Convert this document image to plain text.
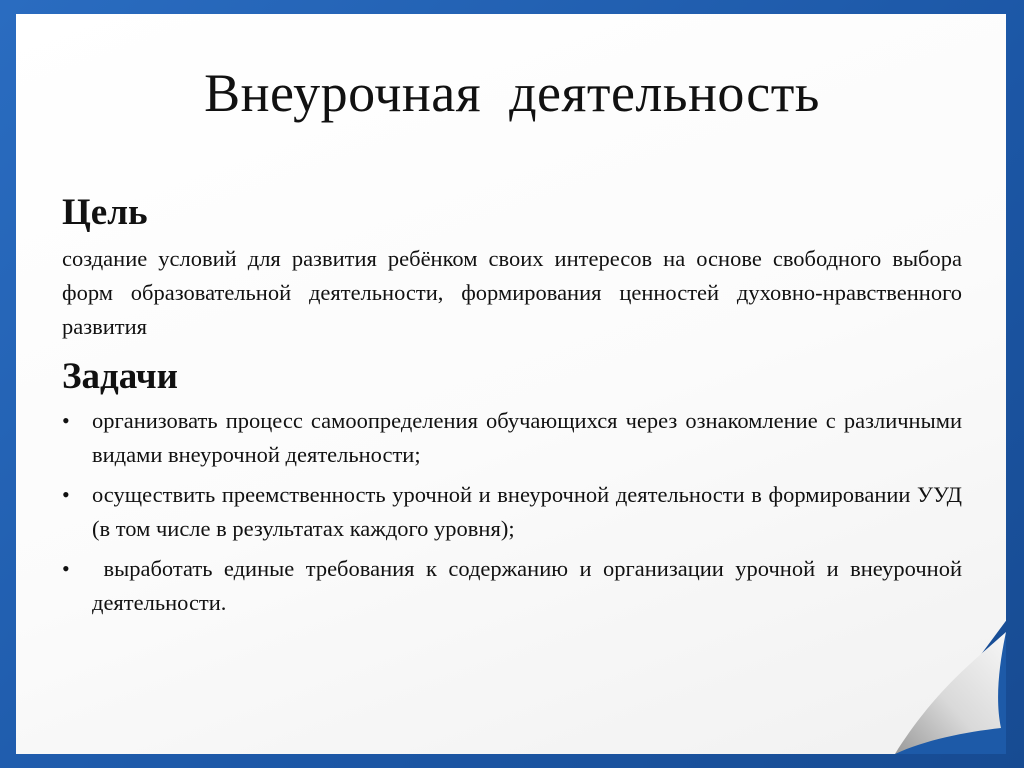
Внеурочная  деятельность

Цель

создание условий для развития ребёнком своих интересов на основе свободного выбора форм образовательной деятельности, формирования ценностей духовно-нравственного развития

Задачи

• организовать процесс самоопределения обучающихся через ознакомление с различными видами внеурочной деятельности;
• осуществить преемственность урочной и внеурочной деятельности в формировании УУД (в том числе в результатах каждого уровня);
• выработать единые требования к содержанию и организации урочной и внеурочной  деятельности.
